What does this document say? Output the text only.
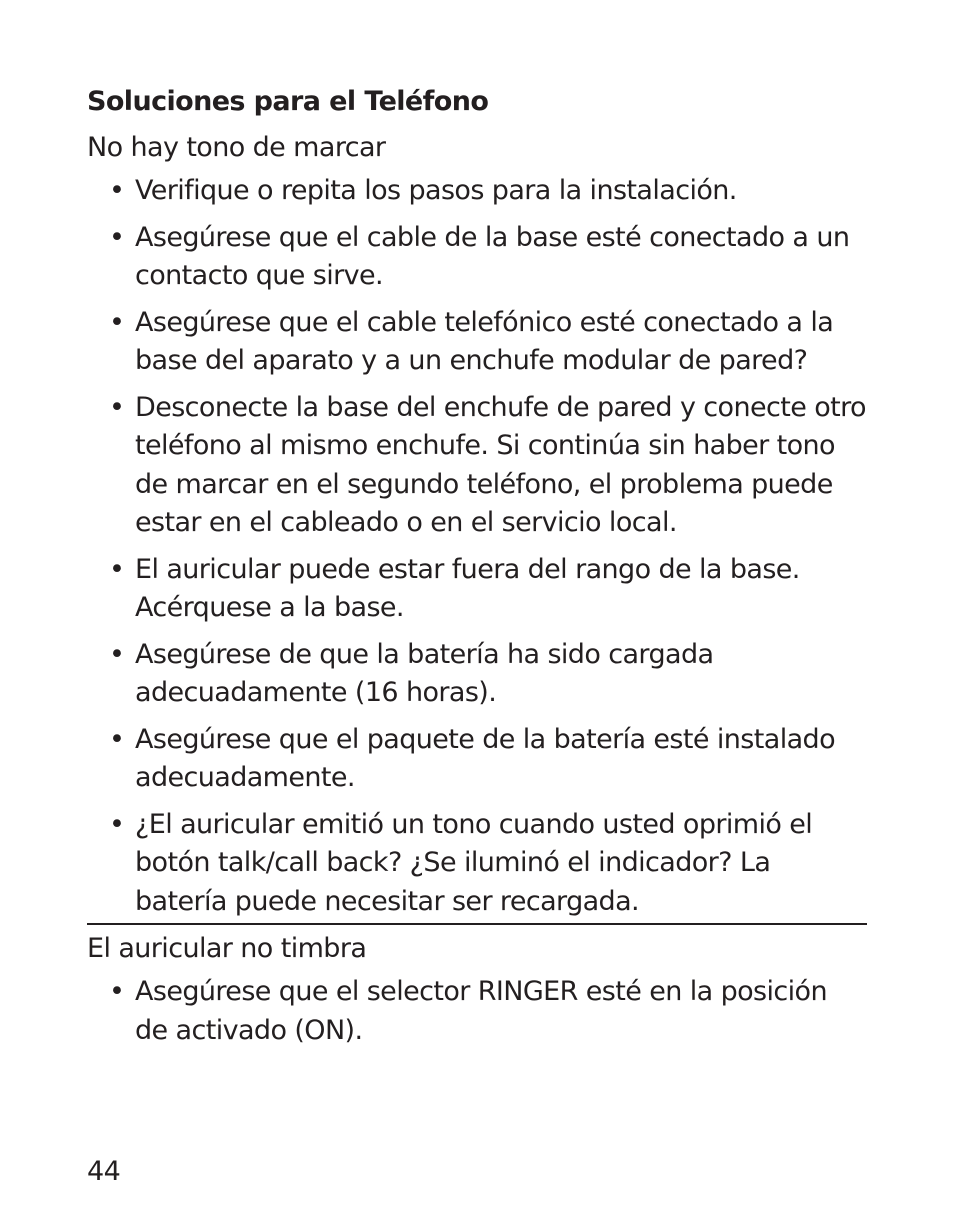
Soluciones para el Teléfono

No hay tono de marcar

• Verifique o repita los pasos para la instalación.
• Asegúrese que el cable de la base esté conectado a un contacto que sirve.
• Asegúrese que el cable telefónico esté conectado a la base del aparato y a un enchufe modular de pared?
• Desconecte la base del enchufe de pared y conecte otro teléfono al mismo enchufe. Si continúa sin haber tono de marcar en el segundo teléfono, el problema puede estar en el cableado o en el servicio local.
• El auricular puede estar fuera del rango de la base. Acérquese a la base.
• Asegúrese de que la batería ha sido cargada adecuadamente (16 horas).
• Asegúrese que el paquete de la batería esté instalado adecuadamente.
• ¿El auricular emitió un tono cuando usted oprimió el botón talk/call back? ¿Se iluminó el indicador? La batería puede necesitar ser recargada.

El auricular no timbra

• Asegúrese que el selector RINGER esté en la posición de activado (ON).
44
